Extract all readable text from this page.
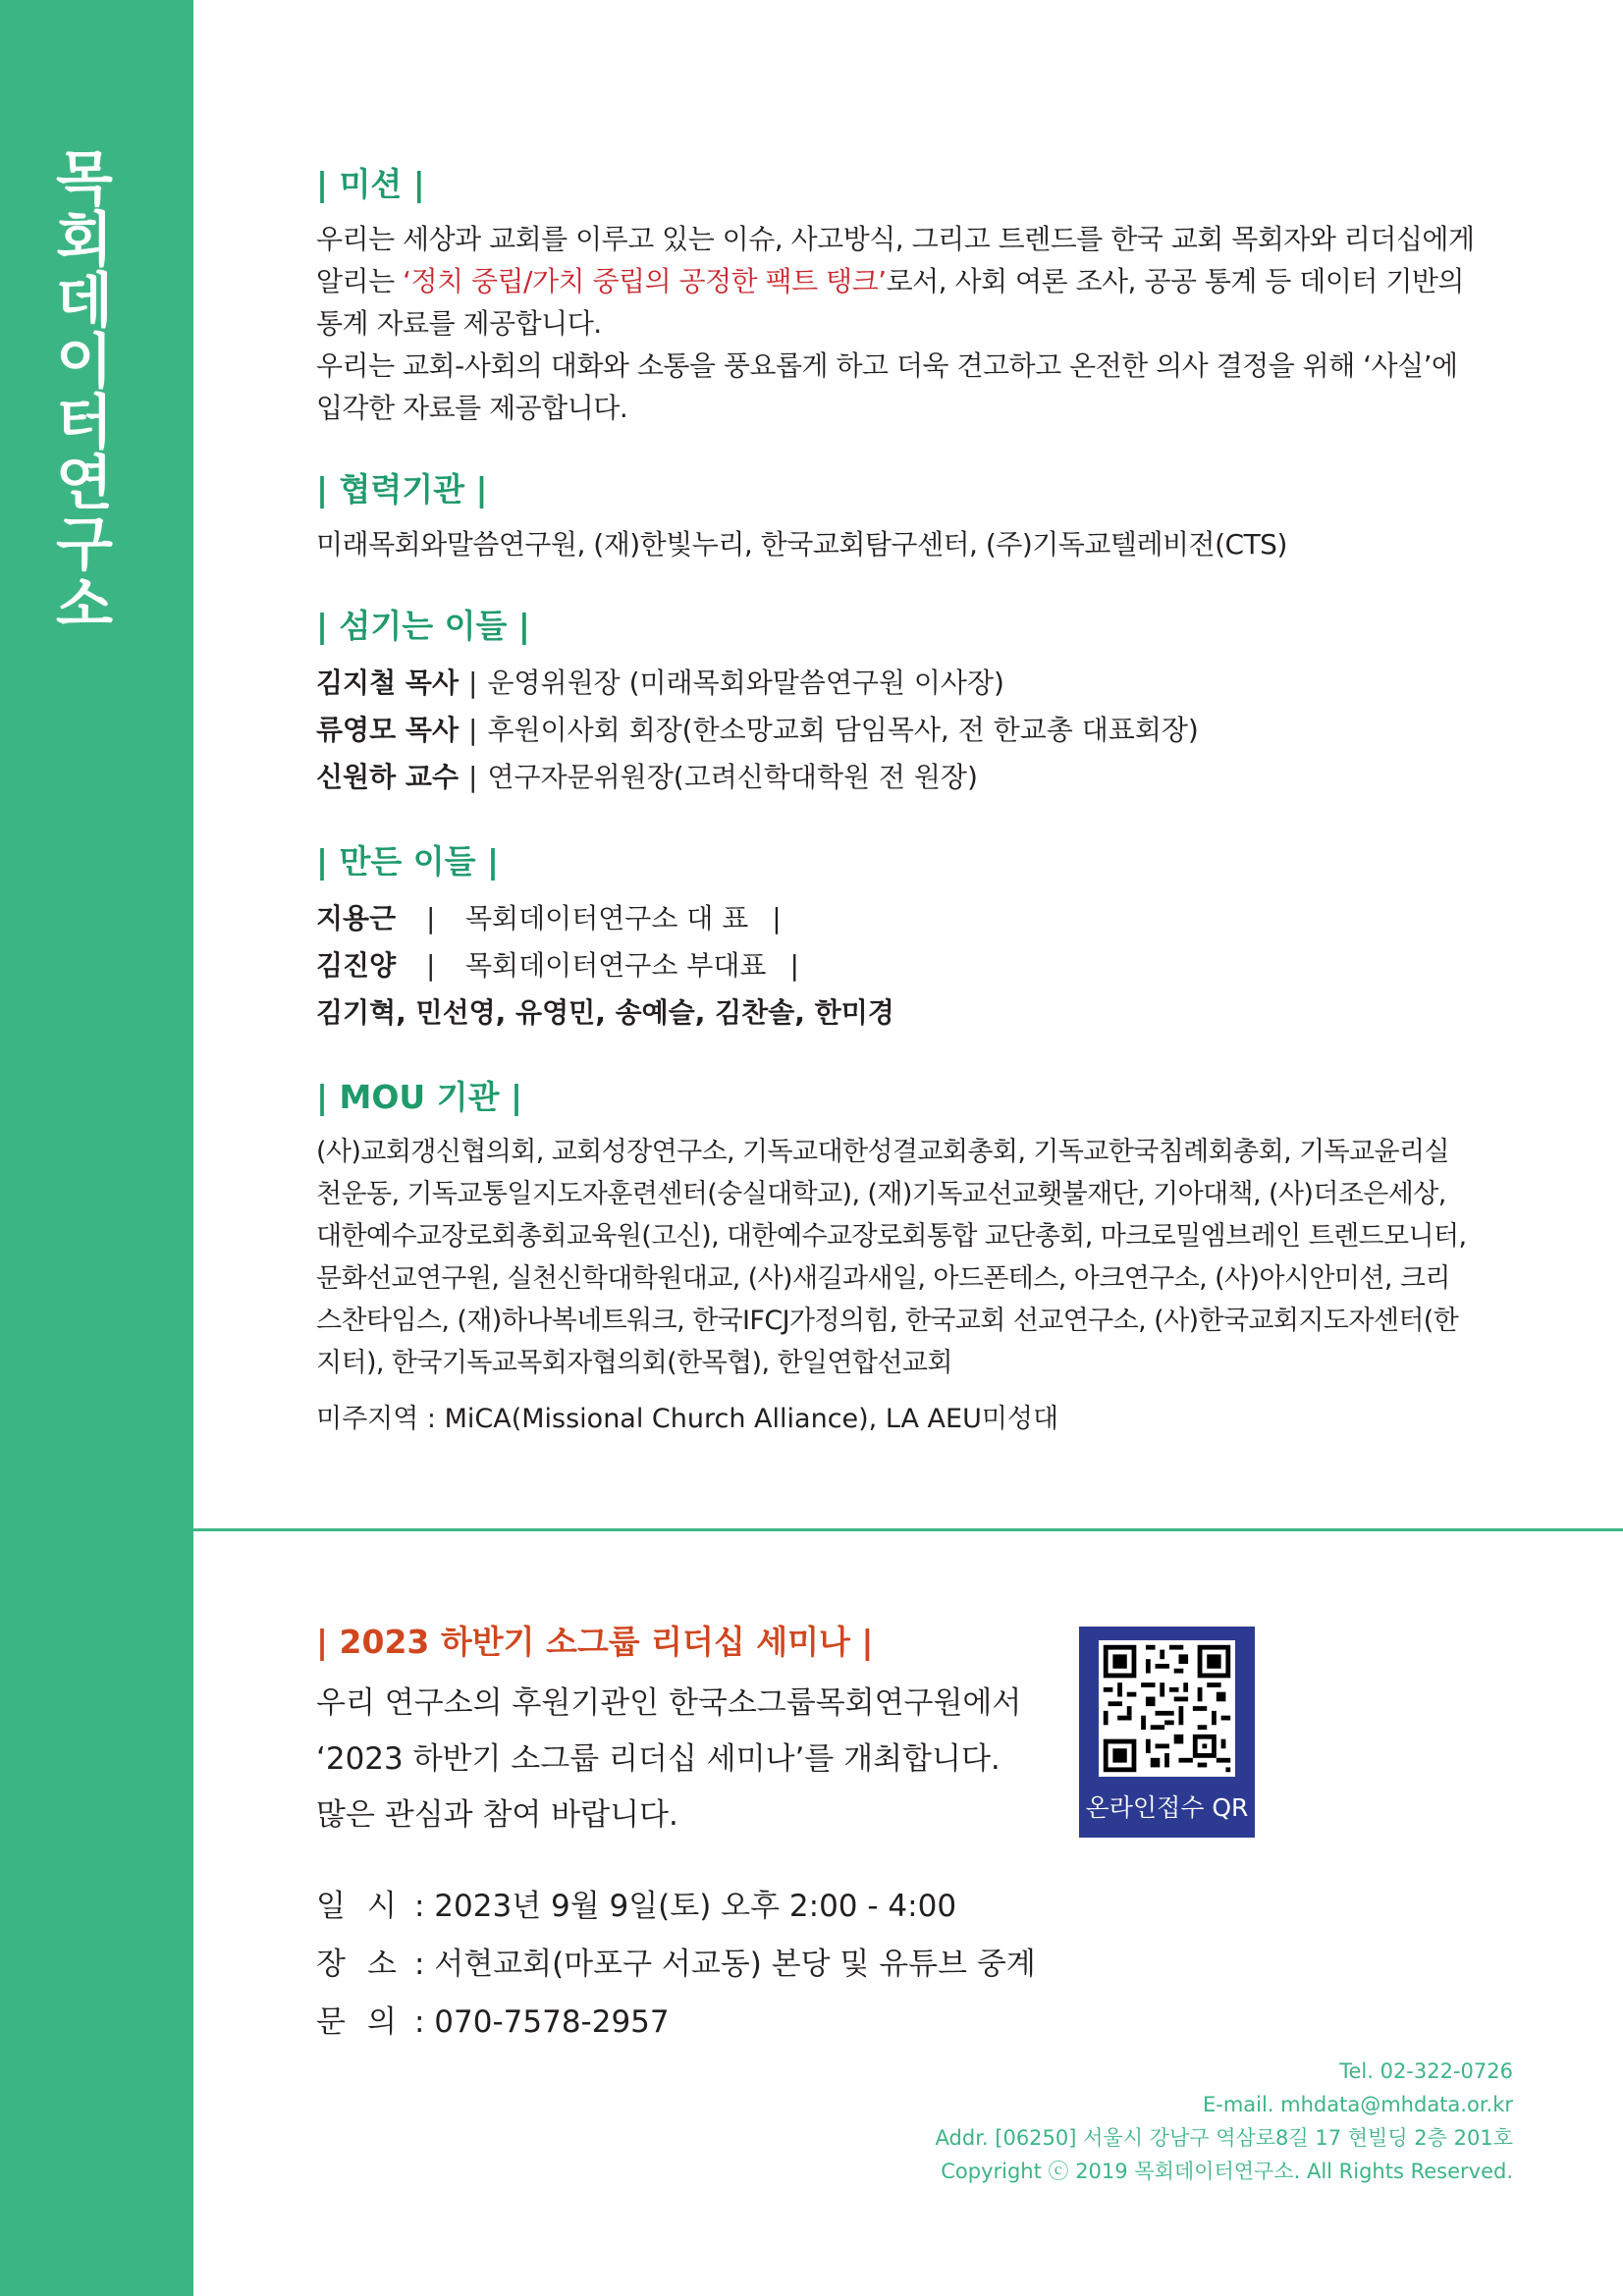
목회데이터연구소	| 미션 |

우리는 세상과 교회를 이루고 있는 이슈, 사고방식, 그리고 트렌드를 한국 교회 목회자와 리더십에게

알리는 ‘정치 중립/가치 중립의 공정한 팩트 탱크’로서, 사회 여론 조사, 공공 통계 등 데이터 기반의

통계 자료를 제공합니다.

우리는 교회-사회의 대화와 소통을 풍요롭게 하고 더욱 견고하고 온전한 의사 결정을 위해 ‘사실’에

입각한 자료를 제공합니다.

| 협력기관 |
미래목회와말씀연구원, (재)한빛누리, 한국교회탐구센터, (주)기독교텔레비전(CTS)
| 섬기는 이들 |
김지철 목사 | 운영위원장 (미래목회와말씀연구원 이사장)
류영모 목사 | 후원이사회 회장(한소망교회 담임목사, 전 한교총 대표회장)
신원하 교수 | 연구자문위원장(고려신학대학원 전 원장)
| 만든 이들 |
지용근 | 목회데이터연구소 대 표 |
김진양 | 목회데이터연구소 부대표 |
김기혁, 민선영, 유영민, 송예슬, 김찬솔, 한미경
| MOU 기관 |
(사)교회갱신협의회, 교회성장연구소, 기독교대한성결교회총회, 기독교한국침례회총회, 기독교윤리실
천운동, 기독교통일지도자훈련센터(숭실대학교), (재)기독교선교횃불재단, 기아대책, (사)더조은세상,
대한예수교장로회총회교육원(고신), 대한예수교장로회통합 교단총회, 마크로밀엠브레인 트렌드모니터,
문화선교연구원, 실천신학대학원대교, (사)새길과새일, 아드폰테스, 아크연구소, (사)아시안미션, 크리
스찬타임스, (재)하나복네트워크, 한국IFCJ가정의힘, 한국교회 선교연구소, (사)한국교회지도자센터(한
지터), 한국기독교목회자협의회(한목협), 한일연합선교회
미주지역 : MiCA(Missional Church Alliance), LA AEU미성대
| 2023 하반기 소그룹 리더십 세미나 |

우리 연구소의 후원기관인 한국소그룹목회연구원에서

‘2023 하반기 소그룹 리더십 세미나’를 개최합니다.

많은 관심과 참여 바랍니다.

일시: 2023년 9월 9일(토) 오후 2:00 - 4:00
장소: 서현교회(마포구 서교동) 본당 및 유튜브 중계
문의: 070-7578-2957
온라인접수 QR
Tel. 02-322-0726
E-mail. mhdata@mhdata.or.kr
Addr. [06250] 서울시 강남구 역삼로8길 17 현빌딩 2층 201호
Copyright ⓒ 2019 목회데이터연구소. All Rights Reserved.
